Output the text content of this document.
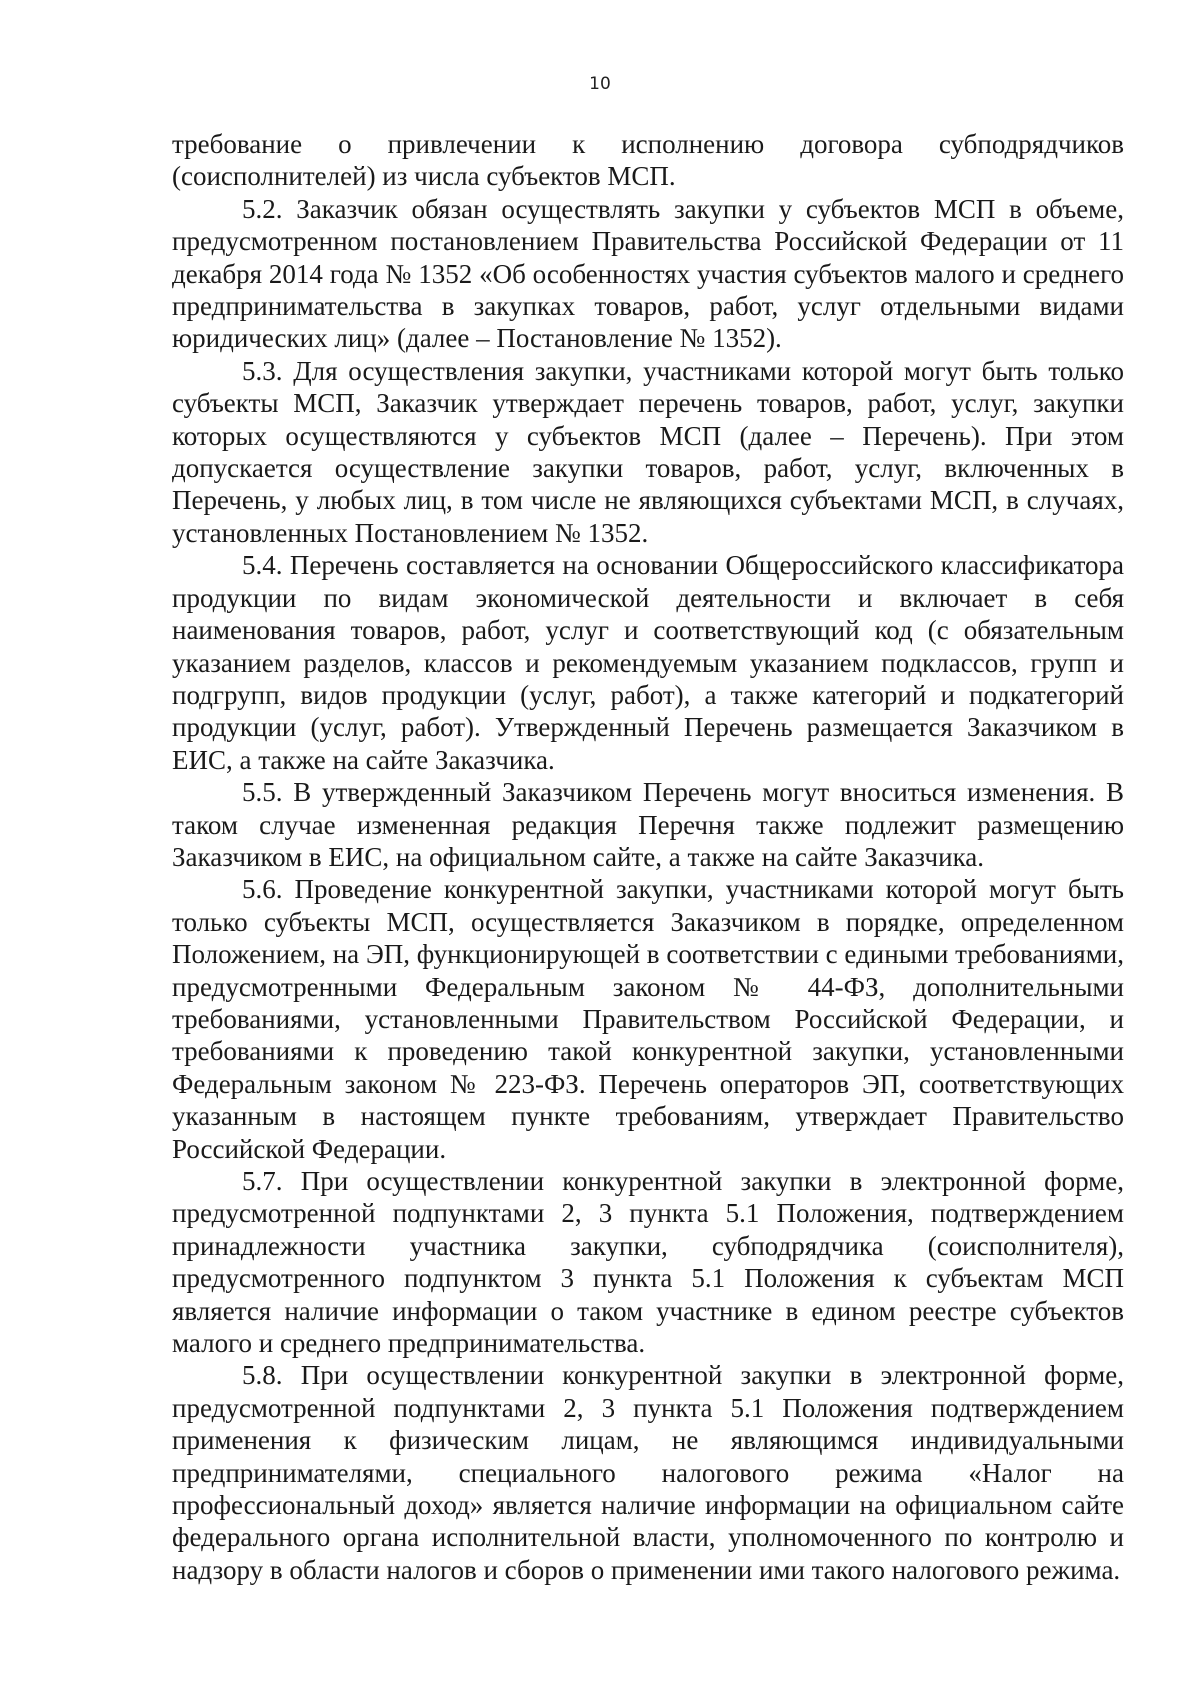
10

требование о привлечении к исполнению договора субподрядчиков (соисполнителей) из числа субъектов МСП.

5.2. Заказчик обязан осуществлять закупки у субъектов МСП в объеме, предусмотренном постановлением Правительства Российской Федерации от 11 декабря 2014 года № 1352 «Об особенностях участия субъектов малого и среднего предпринимательства в закупках товаров, работ, услуг отдельными видами юридических лиц» (далее – Постановление № 1352).

5.3. Для осуществления закупки, участниками которой могут быть только субъекты МСП, Заказчик утверждает перечень товаров, работ, услуг, закупки которых осуществляются у субъектов МСП (далее – Перечень). При этом допускается осуществление закупки товаров, работ, услуг, включенных в Перечень, у любых лиц, в том числе не являющихся субъектами МСП, в случаях, установленных Постановлением № 1352.

5.4. Перечень составляется на основании Общероссийского классификатора продукции по видам экономической деятельности и включает в себя наименования товаров, работ, услуг и соответствующий код (с обязательным указанием разделов, классов и рекомендуемым указанием подклассов, групп и подгрупп, видов продукции (услуг, работ), а также категорий и подкатегорий продукции (услуг, работ). Утвержденный Перечень размещается Заказчиком в ЕИС, а также на сайте Заказчика.

5.5. В утвержденный Заказчиком Перечень могут вноситься изменения. В таком случае измененная редакция Перечня также подлежит размещению Заказчиком в ЕИС, на официальном сайте, а также на сайте Заказчика.

5.6. Проведение конкурентной закупки, участниками которой могут быть только субъекты МСП, осуществляется Заказчиком в порядке, определенном Положением, на ЭП, функционирующей в соответствии с едиными требованиями, предусмотренными Федеральным законом № 44-ФЗ, дополнительными требованиями, установленными Правительством Российской Федерации, и требованиями к проведению такой конкурентной закупки, установленными Федеральным законом № 223-ФЗ. Перечень операторов ЭП, соответствующих указанным в настоящем пункте требованиям, утверждает Правительство Российской Федерации.

5.7. При осуществлении конкурентной закупки в электронной форме, предусмотренной подпунктами 2, 3 пункта 5.1 Положения, подтверждением принадлежности участника закупки, субподрядчика (соисполнителя), предусмотренного подпунктом 3 пункта 5.1 Положения к субъектам МСП является наличие информации о таком участнике в едином реестре субъектов малого и среднего предпринимательства.

5.8. При осуществлении конкурентной закупки в электронной форме, предусмотренной подпунктами 2, 3 пункта 5.1 Положения подтверждением применения к физическим лицам, не являющимся индивидуальными предпринимателями, специального налогового режима «Налог на профессиональный доход» является наличие информации на официальном сайте федерального органа исполнительной власти, уполномоченного по контролю и надзору в области налогов и сборов о применении ими такого налогового режима.
